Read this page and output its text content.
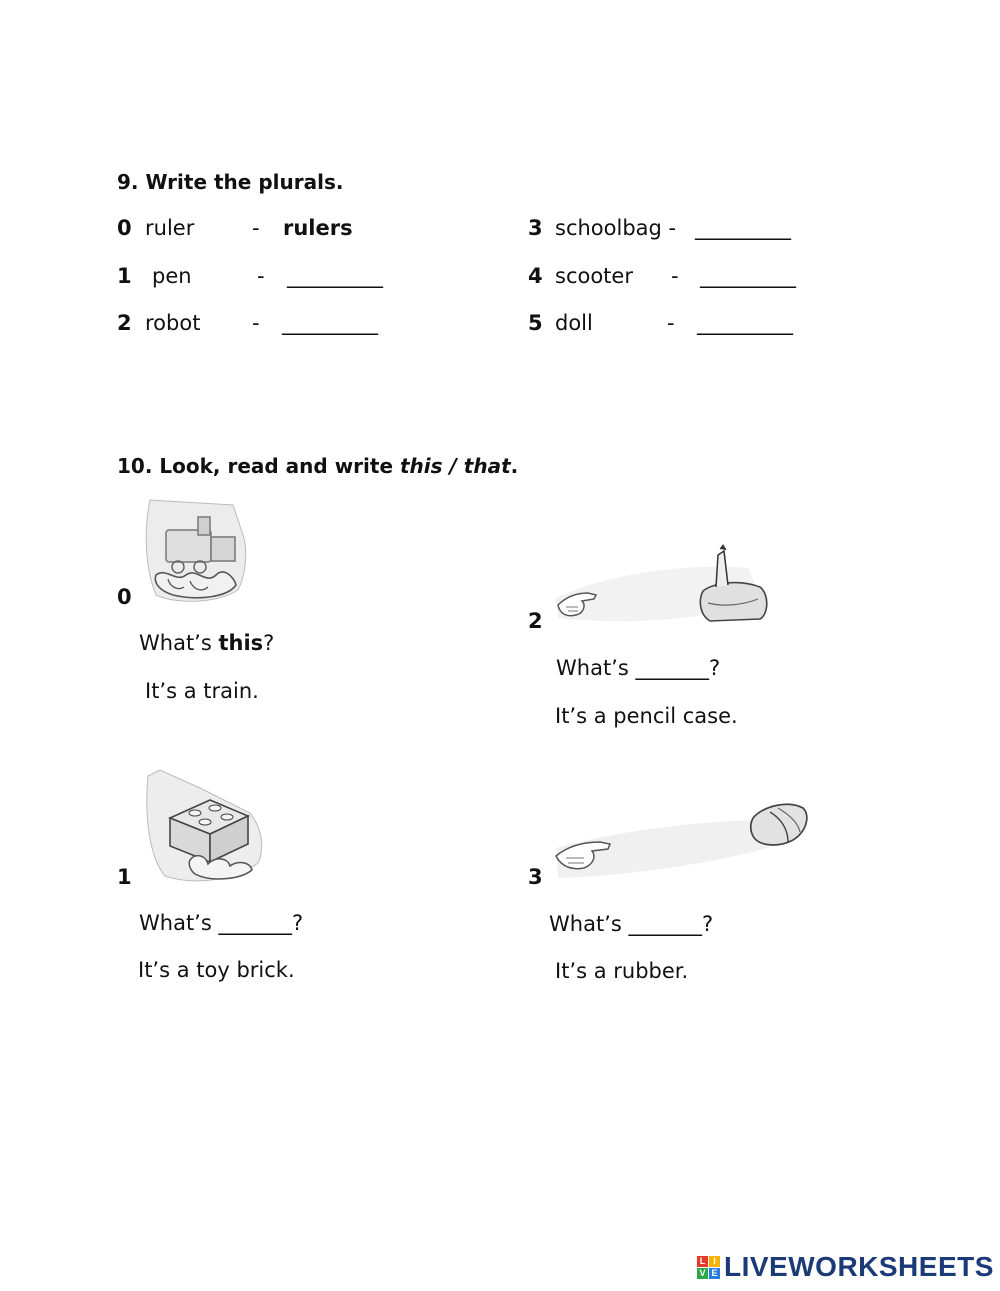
9. Write the plurals.
0 ruler	- rulers
1 pen	- __________
2 robot - __________
3 schoolbag - __________
4 scooter - __________
5 doll	- __________
10. Look, read and write this / that.
0
What’s this?
It’s a train.
2
What’s _______?
It’s a pencil case.
1
What’s _______?
It’s a toy brick.
3
What’s _______?
It’s a rubber.
L I
V E LIVEWORKSHEETS
